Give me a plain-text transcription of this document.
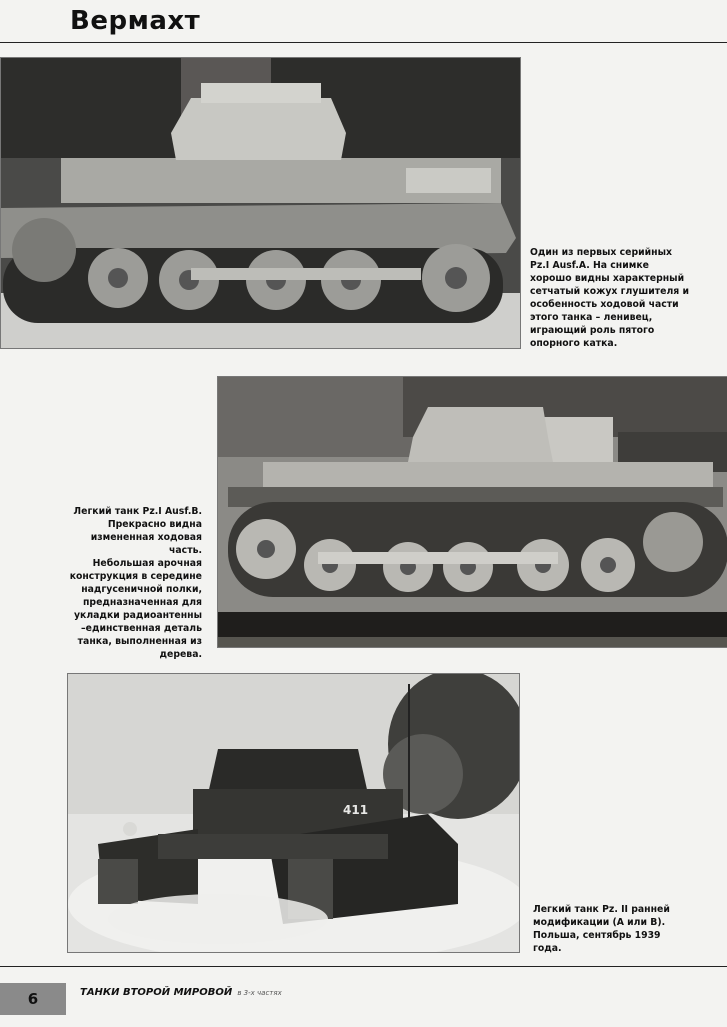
Вермахт
Один из первых серийных
Pz.I Ausf.A. На снимке
хорошо видны характерный
сетчатый кожух глушителя и
особенность ходовой части
этого танка – ленивец,
играющий роль пятого
опорного катка.
Легкий танк Pz.I Ausf.B.
Прекрасно видна
измененная ходовая часть.
Небольшая арочная
конструкция в середине
надгусеничной полки,
предназначенная для
укладки радиоантенны
–единственная деталь
танка, выполненная из
дерева.
411
Легкий танк Pz. II ранней
модификации (А или В).
Польша, сентябрь 1939
года.
6	ТАНКИ ВТОРОЙ МИРОВОЙ в 3-х частях
